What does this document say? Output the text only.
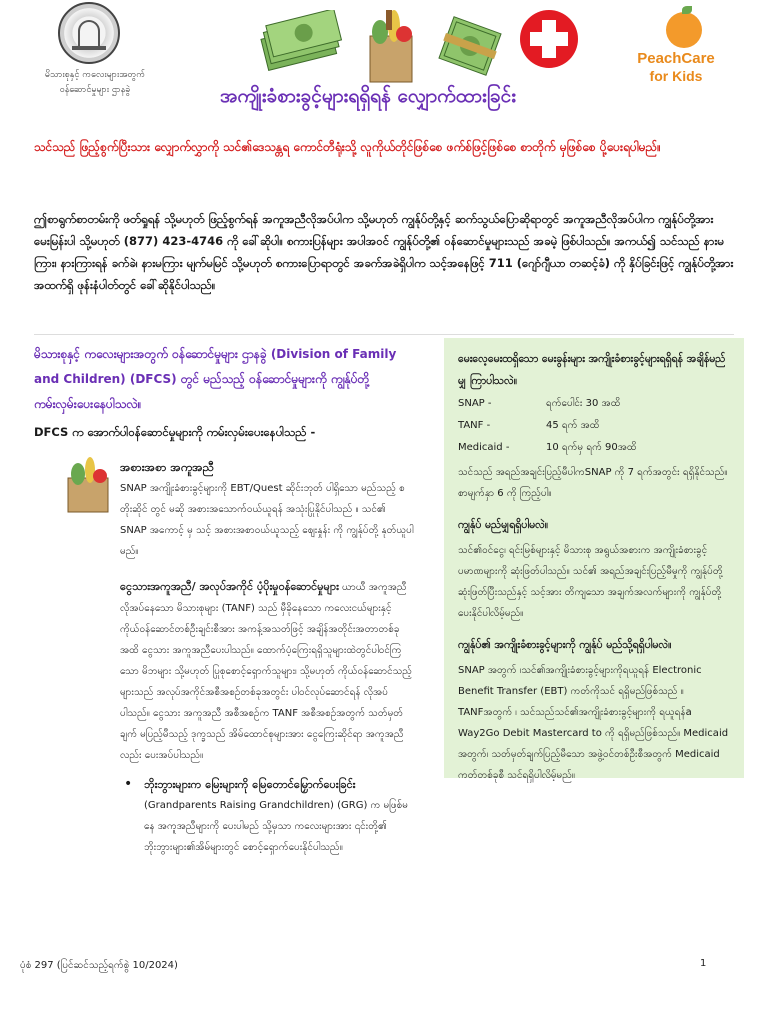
မိသားစုနှင့် ကလေးများအတွက်
ဝန်ဆောင်မှုများ ဌာနခွဲ
PeachCare
for Kids
အကျိုးခံစားခွင့်များရရှိရန် လျှောက်ထားခြင်း
သင်သည် ဖြည့်စွက်ပြီးသား လျှောက်လွှာကို သင်၏ဒေသန္တရ ကောင်တီရုံးသို့ လူကိုယ်တိုင်ဖြစ်စေ ဖက်စ်ဖြင့်ဖြစ်စေ စာတိုက် မှဖြစ်စေ ပို့ပေးရပါမည်။
ဤစာရွက်စာတမ်းကို ဖတ်ရှုရန် သို့မဟုတ် ဖြည့်စွက်ရန် အကူအညီလိုအပ်ပါက သို့မဟုတ် ကျွန်ုပ်တို့နှင့် ဆက်သွယ်ပြောဆိုရာတွင် အကူအညီလိုအပ်ပါက ကျွန်ုပ်တို့အား မေးမြန်းပါ သို့မဟုတ် (877) 423-4746 ကို ခေါ်ဆိုပါ။ စကားပြန်များ အပါအဝင် ကျွန်ုပ်တို့၏ ဝန်ဆောင်မှုများသည် အခမဲ့ ဖြစ်ပါသည်။ အကယ်၍ သင်သည် နားမကြား၊ နားကြားရန် ခက်ခဲ၊ နားမကြား မျက်မမြင် သို့မဟုတ် စကားပြောရာတွင် အခက်အခဲရှိပါက သင့်အနေဖြင့် 711 (ဂျော်ဂျီယာ တဆင့်ခံ) ကို နှိပ်ခြင်းဖြင့် ကျွန်ုပ်တို့အား အထက်ရှိ ဖုန်းနံပါတ်တွင် ခေါ်ဆိုနိုင်ပါသည်။
မိသားစုနှင့် ကလေးများအတွက် ဝန်ဆောင်မှုများ ဌာနခွဲ (Division of Family and Children) (DFCS) တွင် မည်သည့် ဝန်ဆောင်မှုများကို ကျွန်ုပ်တို့ ကမ်းလှမ်းပေးနေပါသလဲ။
DFCS က အောက်ပါဝန်ဆောင်မှုများကို ကမ်းလှမ်းပေးနေပါသည် -
အစားအစာ အကူအညီ
SNAP အကျိုးခံစားခွင့်များကို EBT/Quest ဆိုင်းဘုတ် ပါရှိသော မည်သည့် စတိုးဆိုင် တွင် မဆို အစားအသောက်ဝယ်ယူရန် အသုံးပြုနိုင်ပါသည် ။ သင်၏ SNAP အကောင့် မှ သင့် အစားအစာဝယ်ယူသည့် ဈေးနှုန်း ကို ကျွန်ုပ်တို့ နုတ်ယူပါမည်။
ငွေသားအကူအညီ/ အလုပ်အကိုင် ပံ့ပိုးမှုဝန်ဆောင်မှုများ ယာယီ အကူအညီ လိုအပ်နေသော မိသားစုများ (TANF) သည် မှီခိုနေသော ကလေးငယ်များနှင့် ကိုယ်ဝန်ဆောင်တစ်ဦးချင်းစီအား အကန့်အသတ်ဖြင့် အချိန်အတိုင်းအတာတစ်ခုအထိ ငွေသား အကူအညီပေးပါသည်။ ထောက်ပံ့ကြေးရရှိသူများထဲတွင်ပါဝင်ကြသော မိဘများ သို့မဟုတ် ပြုစုစောင့်ရှောက်သူများ၊ သို့မဟုတ် ကိုယ်ဝန်ဆောင်သည့်များသည် အလုပ်အကိုင်အစီအစဉ်တစ်ခုအတွင်း ပါဝင်လုပ်ဆောင်ရန် လိုအပ်ပါသည်။ ငွေသား အကူအညီ အစီအစဉ်က TANF အစီအစဉ်အတွက် သတ်မှတ်ချက် မပြည့်မီသည့် ဒုက္ခသည် အိမ်ထောင်စုများအား ငွေကြေးဆိုင်ရာ အကူအညီလည်း ပေးအပ်ပါသည်။
• ဘိုးဘွားများက မြေးများကို မြေတောင်မြှောက်ပေးခြင်း
(Grandparents Raising Grandchildren) (GRG) က မဖြစ်မနေ အကူအညီများကို ပေးပါမည် သို့မှသာ ကလေးများအား ၎င်းတို့၏ ဘိုးဘွားများ၏အိမ်များတွင် စောင့်ရှောက်ပေးနိုင်ပါသည်။
မေးလေ့မေးထရှိသော မေးခွန်းများ အကျိုးခံစားခွင့်များရရှိရန် အချိန်မည်မျှ ကြာပါသလဲ။
SNAP -	ရက်ပေါင်း 30 အထိ
TANF -	45 ရက် အထိ
Medicaid -	10 ရက်မှ ရက် 90အထိ
သင်သည် အရည်အချင်းပြည့်မီပါကSNAP ကို 7 ရက်အတွင်း ရရှိနိုင်သည်။ စာမျက်နှာ 6 ကို ကြည့်ပါ။
ကျွန်ုပ် မည်မျှရရှိပါမလဲ။
သင်၏ဝင်ငွေ၊ ရင်းမြစ်များနှင့် မိသားစု အရွယ်အစားက အကျိုးခံစားခွင့် ပမာဏများကို ဆုံးဖြတ်ပါသည်။ သင်၏ အရည်အချင်းပြည့်မီမှုကို ကျွန်ုပ်တို့ ဆုံးဖြတ်ပြီးသည်နှင့် သင့်အား တိကျသော အချက်အလက်များကို ကျွန်ုပ်တို့ ပေးနိုင်ပါလိမ့်မည်။
ကျွန်ုပ်၏ အကျိုးခံစားခွင့်များကို ကျွန်ုပ် မည်သို့ရရှိပါမလဲ။
SNAP အတွက် ၊သင်၏အကျိုးခံစားခွင့်များကိုရယူရန် Electronic Benefit Transfer (EBT) ကတ်ကိုသင် ရရှိမည်ဖြစ်သည် ။ TANFအတွက် ၊ သင်သည်သင်၏အကျိုးခံစားခွင့်များကို ရယူရန်a Way2Go Debit Mastercard to ကို ရရှိမည်ဖြစ်သည်။ Medicaid အတွက်၊ သတ်မှတ်ချက်ပြည့်မီသော အဖွဲ့ဝင်တစ်ဦးစီအတွက် Medicaid ကတ်တစ်ခုစီ သင်ရရှိပါလိမ့်မည်။
ပုံစံ 297 (ပြင်ဆင်သည့်ရက်စွဲ 10/2024)	1
